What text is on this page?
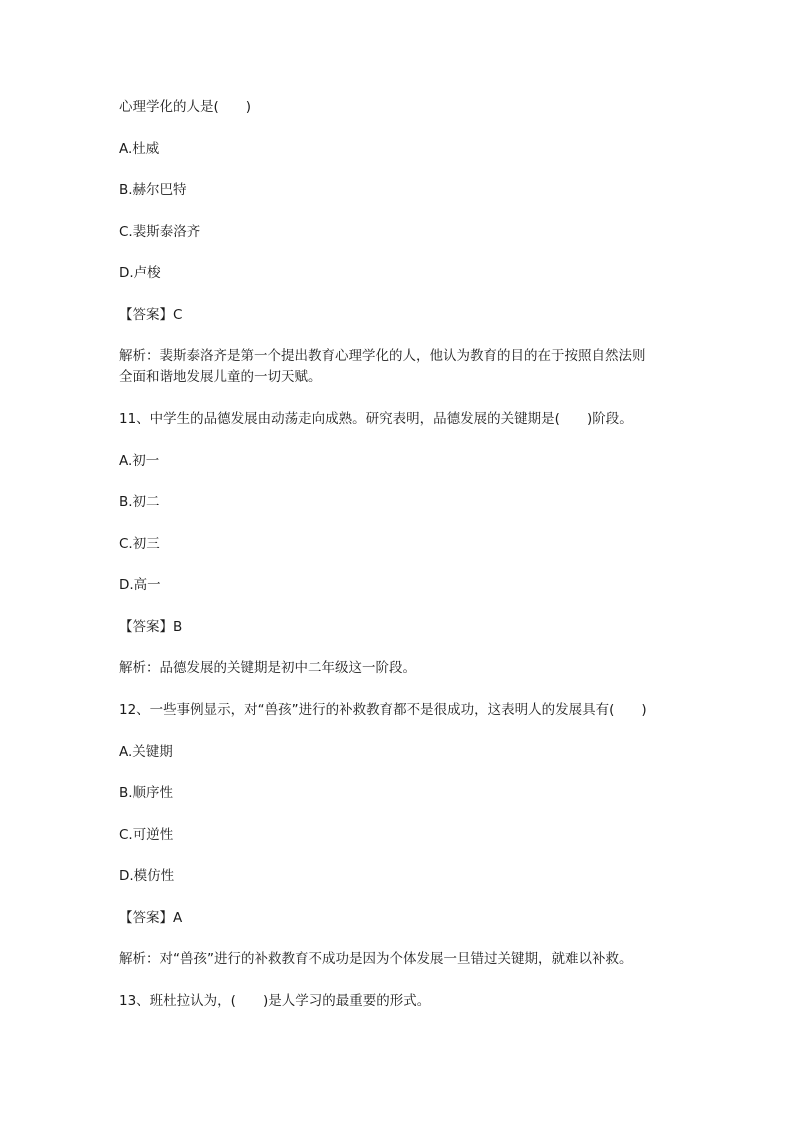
心理学化的人是(　　)
A.杜威
B.赫尔巴特
C.裴斯泰洛齐
D.卢梭
【答案】C
解析：裴斯泰洛齐是第一个提出教育心理学化的人，他认为教育的目的在于按照自然法则
全面和谐地发展儿童的一切天赋。
11、中学生的品德发展由动荡走向成熟。研究表明，品德发展的关键期是(　　)阶段。
A.初一
B.初二
C.初三
D.高一
【答案】B
解析：品德发展的关键期是初中二年级这一阶段。
12、一些事例显示，对“兽孩”进行的补救教育都不是很成功，这表明人的发展具有(　　)
A.关键期
B.顺序性
C.可逆性
D.模仿性
【答案】A
解析：对“兽孩”进行的补救教育不成功是因为个体发展一旦错过关键期，就难以补救。
13、班杜拉认为，(　　)是人学习的最重要的形式。
